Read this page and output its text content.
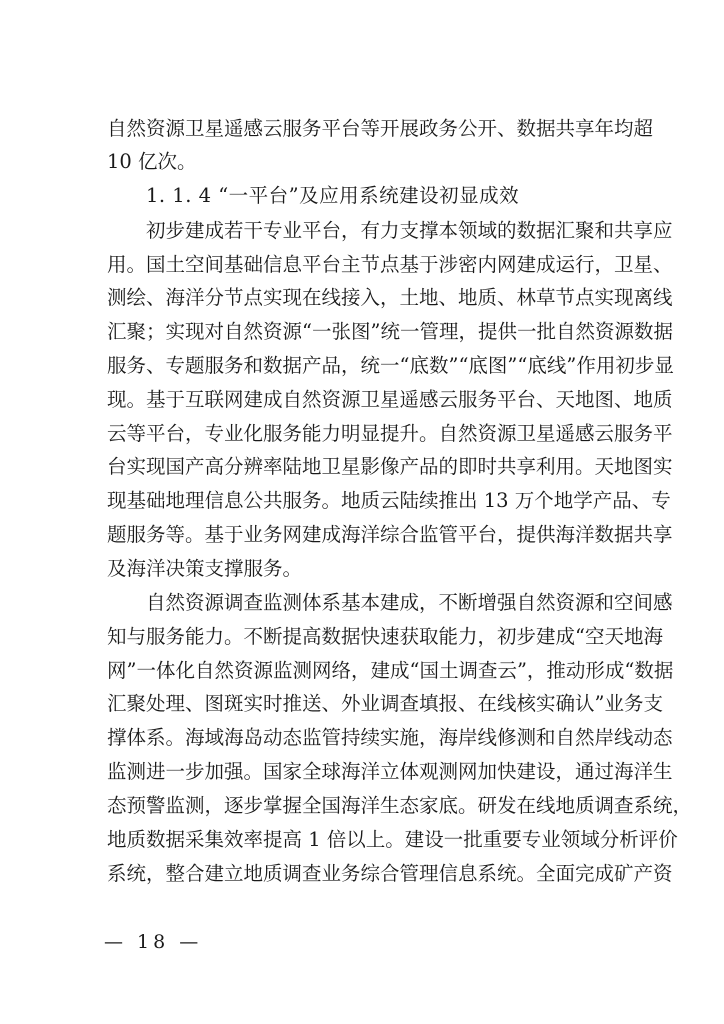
自然资源卫星遥感云服务平台等开展政务公开、数据共享年均超
10 亿次。
1. 1. 4 “一平台”及应用系统建设初显成效
初步建成若干专业平台，有力支撑本领域的数据汇聚和共享应
用。国土空间基础信息平台主节点基于涉密内网建成运行，卫星、
测绘、海洋分节点实现在线接入，土地、地质、林草节点实现离线
汇聚；实现对自然资源“一张图”统一管理，提供一批自然资源数据
服务、专题服务和数据产品，统一“底数”“底图”“底线”作用初步显
现。基于互联网建成自然资源卫星遥感云服务平台、天地图、地质
云等平台，专业化服务能力明显提升。自然资源卫星遥感云服务平
台实现国产高分辨率陆地卫星影像产品的即时共享利用。天地图实
现基础地理信息公共服务。地质云陆续推出 13 万个地学产品、专
题服务等。基于业务网建成海洋综合监管平台，提供海洋数据共享
及海洋决策支撑服务。
自然资源调查监测体系基本建成，不断增强自然资源和空间感
知与服务能力。不断提高数据快速获取能力，初步建成“空天地海
网”一体化自然资源监测网络，建成“国土调查云”，推动形成“数据
汇聚处理、图斑实时推送、外业调查填报、在线核实确认”业务支
撑体系。海域海岛动态监管持续实施，海岸线修测和自然岸线动态
监测进一步加强。国家全球海洋立体观测网加快建设，通过海洋生
态预警监测，逐步掌握全国海洋生态家底。研发在线地质调查系统，
地质数据采集效率提高 1 倍以上。建设一批重要专业领域分析评价
系统，整合建立地质调查业务综合管理信息系统。全面完成矿产资
— 18 —
